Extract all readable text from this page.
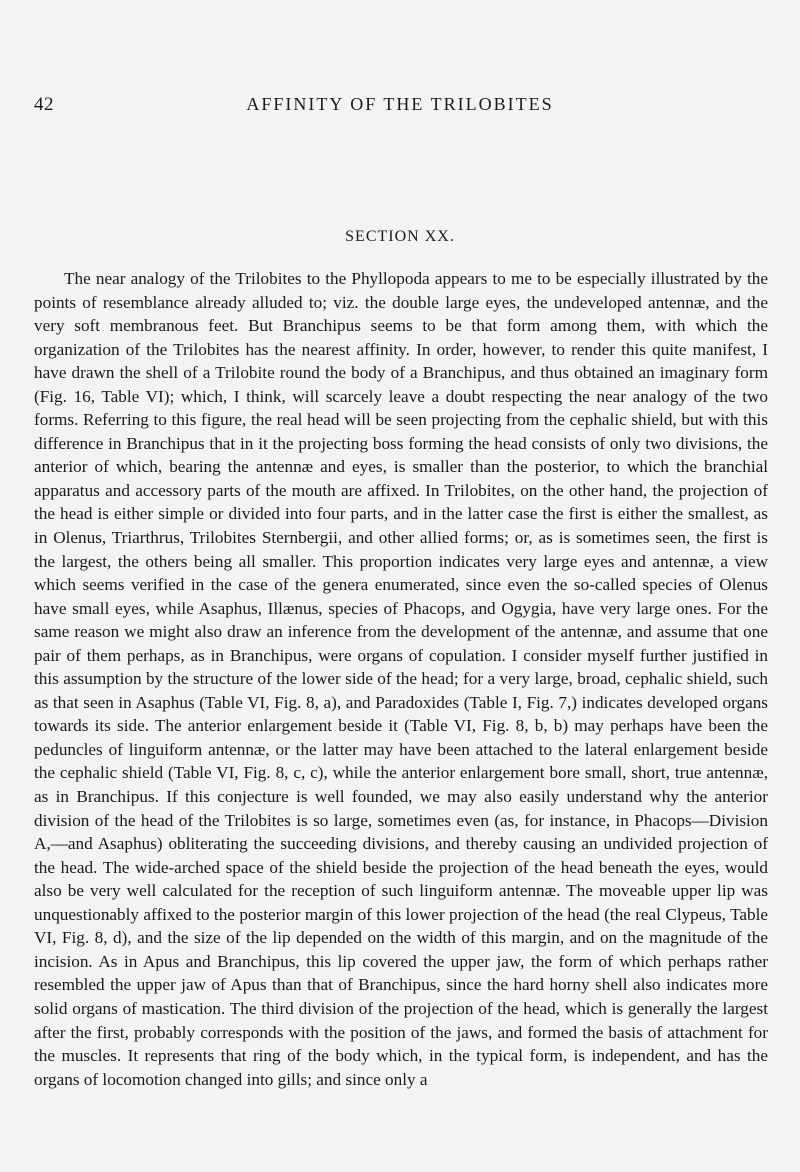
42	AFFINITY OF THE TRILOBITES
SECTION XX.

The near analogy of the Trilobites to the Phyllopoda appears to me to be especially illustrated by the points of resemblance already alluded to; viz. the double large eyes, the undeveloped antennæ, and the very soft membranous feet. But Branchipus seems to be that form among them, with which the organization of the Trilobites has the nearest affinity. In order, however, to render this quite manifest, I have drawn the shell of a Trilobite round the body of a Branchipus, and thus obtained an imaginary form (Fig. 16, Table VI); which, I think, will scarcely leave a doubt respecting the near analogy of the two forms. Referring to this figure, the real head will be seen projecting from the cephalic shield, but with this difference in Branchipus that in it the projecting boss forming the head consists of only two divisions, the anterior of which, bearing the antennæ and eyes, is smaller than the posterior, to which the branchial apparatus and accessory parts of the mouth are affixed. In Trilobites, on the other hand, the projection of the head is either simple or divided into four parts, and in the latter case the first is either the smallest, as in Olenus, Triarthrus, Trilobites Sternbergii, and other allied forms; or, as is sometimes seen, the first is the largest, the others being all smaller. This proportion indicates very large eyes and antennæ, a view which seems verified in the case of the genera enumerated, since even the so-called species of Olenus have small eyes, while Asaphus, Illænus, species of Phacops, and Ogygia, have very large ones. For the same reason we might also draw an inference from the development of the antennæ, and assume that one pair of them perhaps, as in Branchipus, were organs of copulation. I consider myself further justified in this assumption by the structure of the lower side of the head; for a very large, broad, cephalic shield, such as that seen in Asaphus (Table VI, Fig. 8, a), and Paradoxides (Table I, Fig. 7,) indicates developed organs towards its side. The anterior enlargement beside it (Table VI, Fig. 8, b, b) may perhaps have been the peduncles of linguiform antennæ, or the latter may have been attached to the lateral enlargement beside the cephalic shield (Table VI, Fig. 8, c, c), while the anterior enlargement bore small, short, true antennæ, as in Branchipus. If this conjecture is well founded, we may also easily understand why the anterior division of the head of the Trilobites is so large, sometimes even (as, for instance, in Phacops—Division A,—and Asaphus) obliterating the succeeding divisions, and thereby causing an undivided projection of the head. The wide-arched space of the shield beside the projection of the head beneath the eyes, would also be very well calculated for the reception of such linguiform antennæ. The moveable upper lip was unquestionably affixed to the posterior margin of this lower projection of the head (the real Clypeus, Table VI, Fig. 8, d), and the size of the lip depended on the width of this margin, and on the magnitude of the incision. As in Apus and Branchipus, this lip covered the upper jaw, the form of which perhaps rather resembled the upper jaw of Apus than that of Branchipus, since the hard horny shell also indicates more solid organs of mastication. The third division of the projection of the head, which is generally the largest after the first, probably corresponds with the position of the jaws, and formed the basis of attachment for the muscles. It represents that ring of the body which, in the typical form, is independent, and has the organs of locomotion changed into gills; and since only a
